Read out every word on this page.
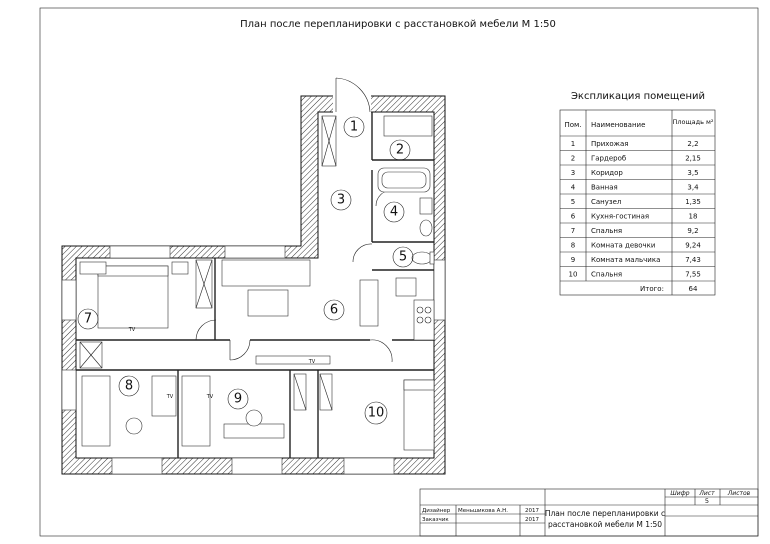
План после перепланировки с расстановкой мебели М 1:50
1
2
3
4
5
6
7
8
9
10
TV
TV
TV	TV
Экспликация помещений
Пом. Наименование	Площадь м²
1 Прихожая	2,2
2 Гардероб	2,15
3 Коридор	3,5
4 Ванная	3,4
5 Санузел	1,35
6 Кухня-гостиная	18
7 Спальня	9,2
8 Комната девочки	9,24
9 Комната мальчика	7,43
10 Спальня	7,55
Итого:	64
Шифр Лист Листов
5
Дизайнер Меньшикова А.Н.	2017
Заказчик	2017
План после перепланировки с
расстановкой мебели М 1:50
